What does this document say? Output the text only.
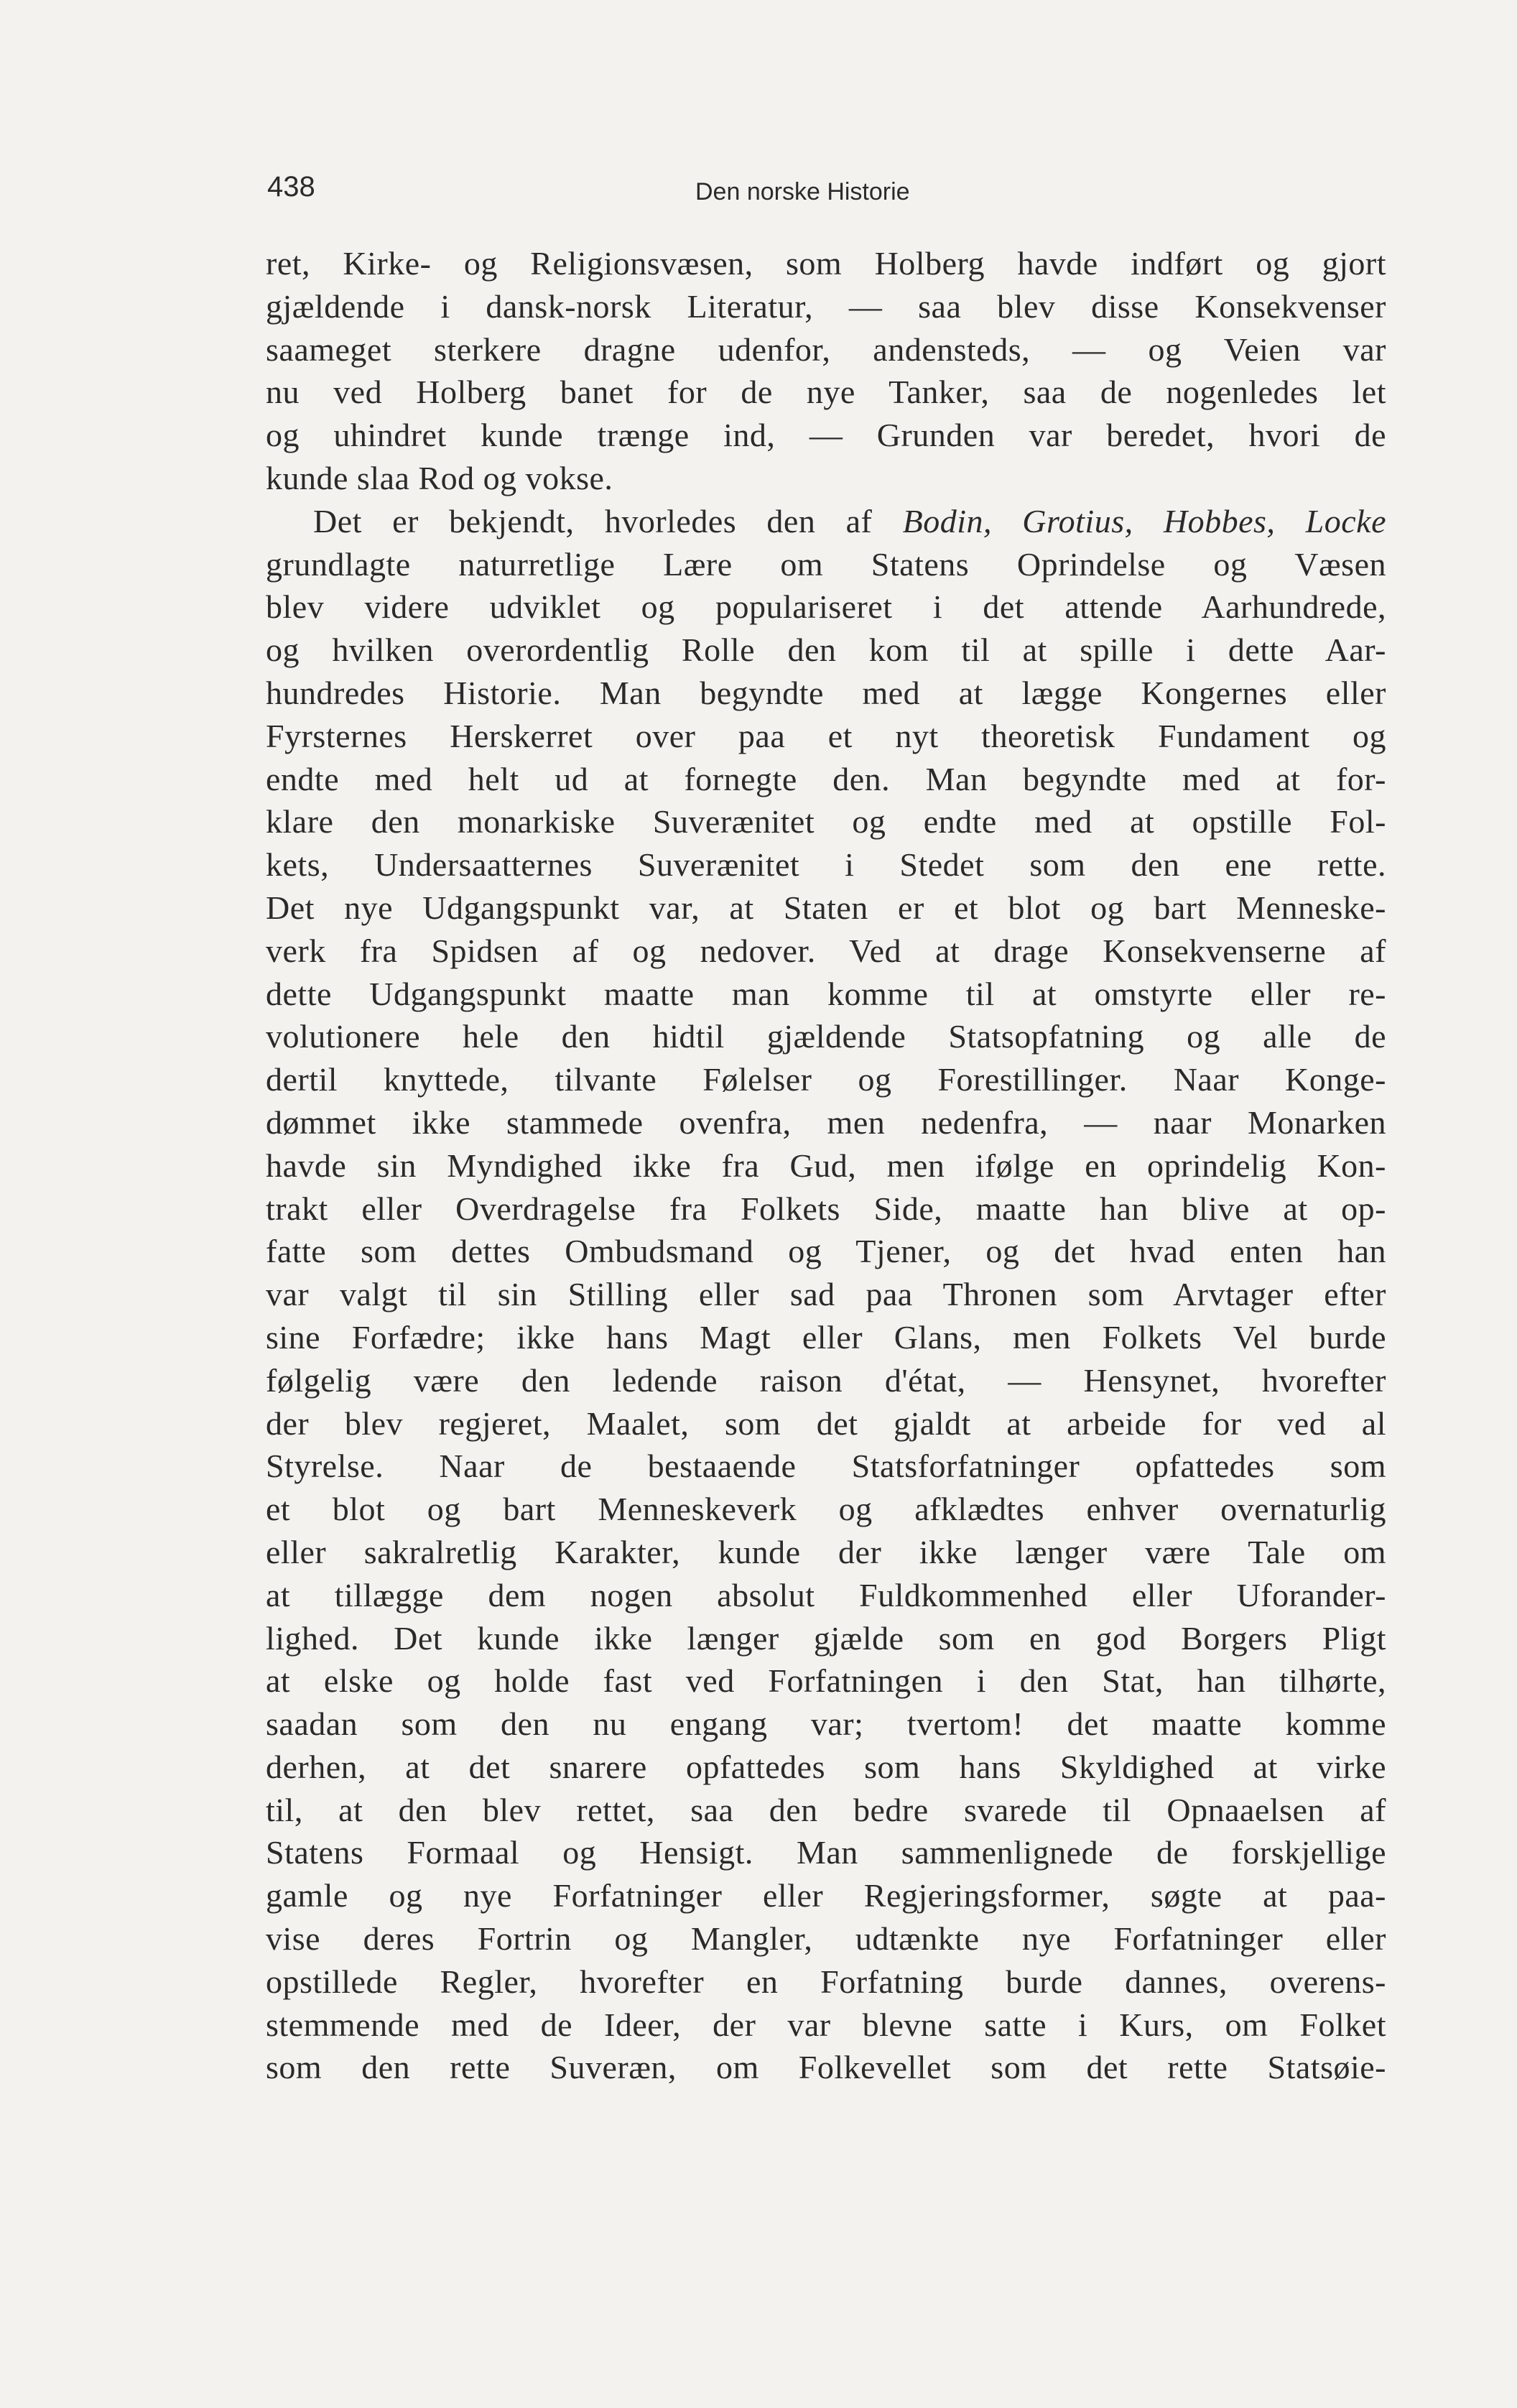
438	Den norske Historie
ret, Kirke- og Religionsvæsen, som Holberg havde indført og gjort
gjældende i dansk-norsk Literatur, — saa blev disse Konsekvenser
saameget sterkere dragne udenfor, andensteds, — og Veien var
nu ved Holberg banet for de nye Tanker, saa de nogenledes let
og uhindret kunde trænge ind, — Grunden var beredet, hvori de
kunde slaa Rod og vokse.
Det er bekjendt, hvorledes den af Bodin, Grotius, Hobbes, Locke
grundlagte naturretlige Lære om Statens Oprindelse og Væsen
blev videre udviklet og populariseret i det attende Aarhundrede,
og hvilken overordentlig Rolle den kom til at spille i dette Aar-
hundredes Historie. Man begyndte med at lægge Kongernes eller
Fyrsternes Herskerret over paa et nyt theoretisk Fundament og
endte med helt ud at fornegte den. Man begyndte med at for-
klare den monarkiske Suverænitet og endte med at opstille Fol-
kets, Undersaatternes Suverænitet i Stedet som den ene rette.
Det nye Udgangspunkt var, at Staten er et blot og bart Menneske-
verk fra Spidsen af og nedover. Ved at drage Konsekvenserne af
dette Udgangspunkt maatte man komme til at omstyrte eller re-
volutionere hele den hidtil gjældende Statsopfatning og alle de
dertil knyttede, tilvante Følelser og Forestillinger. Naar Konge-
dømmet ikke stammede ovenfra, men nedenfra, — naar Monarken
havde sin Myndighed ikke fra Gud, men ifølge en oprindelig Kon-
trakt eller Overdragelse fra Folkets Side, maatte han blive at op-
fatte som dettes Ombudsmand og Tjener, og det hvad enten han
var valgt til sin Stilling eller sad paa Thronen som Arvtager efter
sine Forfædre; ikke hans Magt eller Glans, men Folkets Vel burde
følgelig være den ledende raison d'état, — Hensynet, hvorefter
der blev regjeret, Maalet, som det gjaldt at arbeide for ved al
Styrelse. Naar de bestaaende Statsforfatninger opfattedes som
et blot og bart Menneskeverk og afklædtes enhver overnaturlig
eller sakralretlig Karakter, kunde der ikke længer være Tale om
at tillægge dem nogen absolut Fuldkommenhed eller Uforander-
lighed. Det kunde ikke længer gjælde som en god Borgers Pligt
at elske og holde fast ved Forfatningen i den Stat, han tilhørte,
saadan som den nu engang var; tvertom! det maatte komme
derhen, at det snarere opfattedes som hans Skyldighed at virke
til, at den blev rettet, saa den bedre svarede til Opnaaelsen af
Statens Formaal og Hensigt. Man sammenlignede de forskjellige
gamle og nye Forfatninger eller Regjeringsformer, søgte at paa-
vise deres Fortrin og Mangler, udtænkte nye Forfatninger eller
opstillede Regler, hvorefter en Forfatning burde dannes, overens-
stemmende med de Ideer, der var blevne satte i Kurs, om Folket
som den rette Suveræn, om Folkevellet som det rette Statsøie-
